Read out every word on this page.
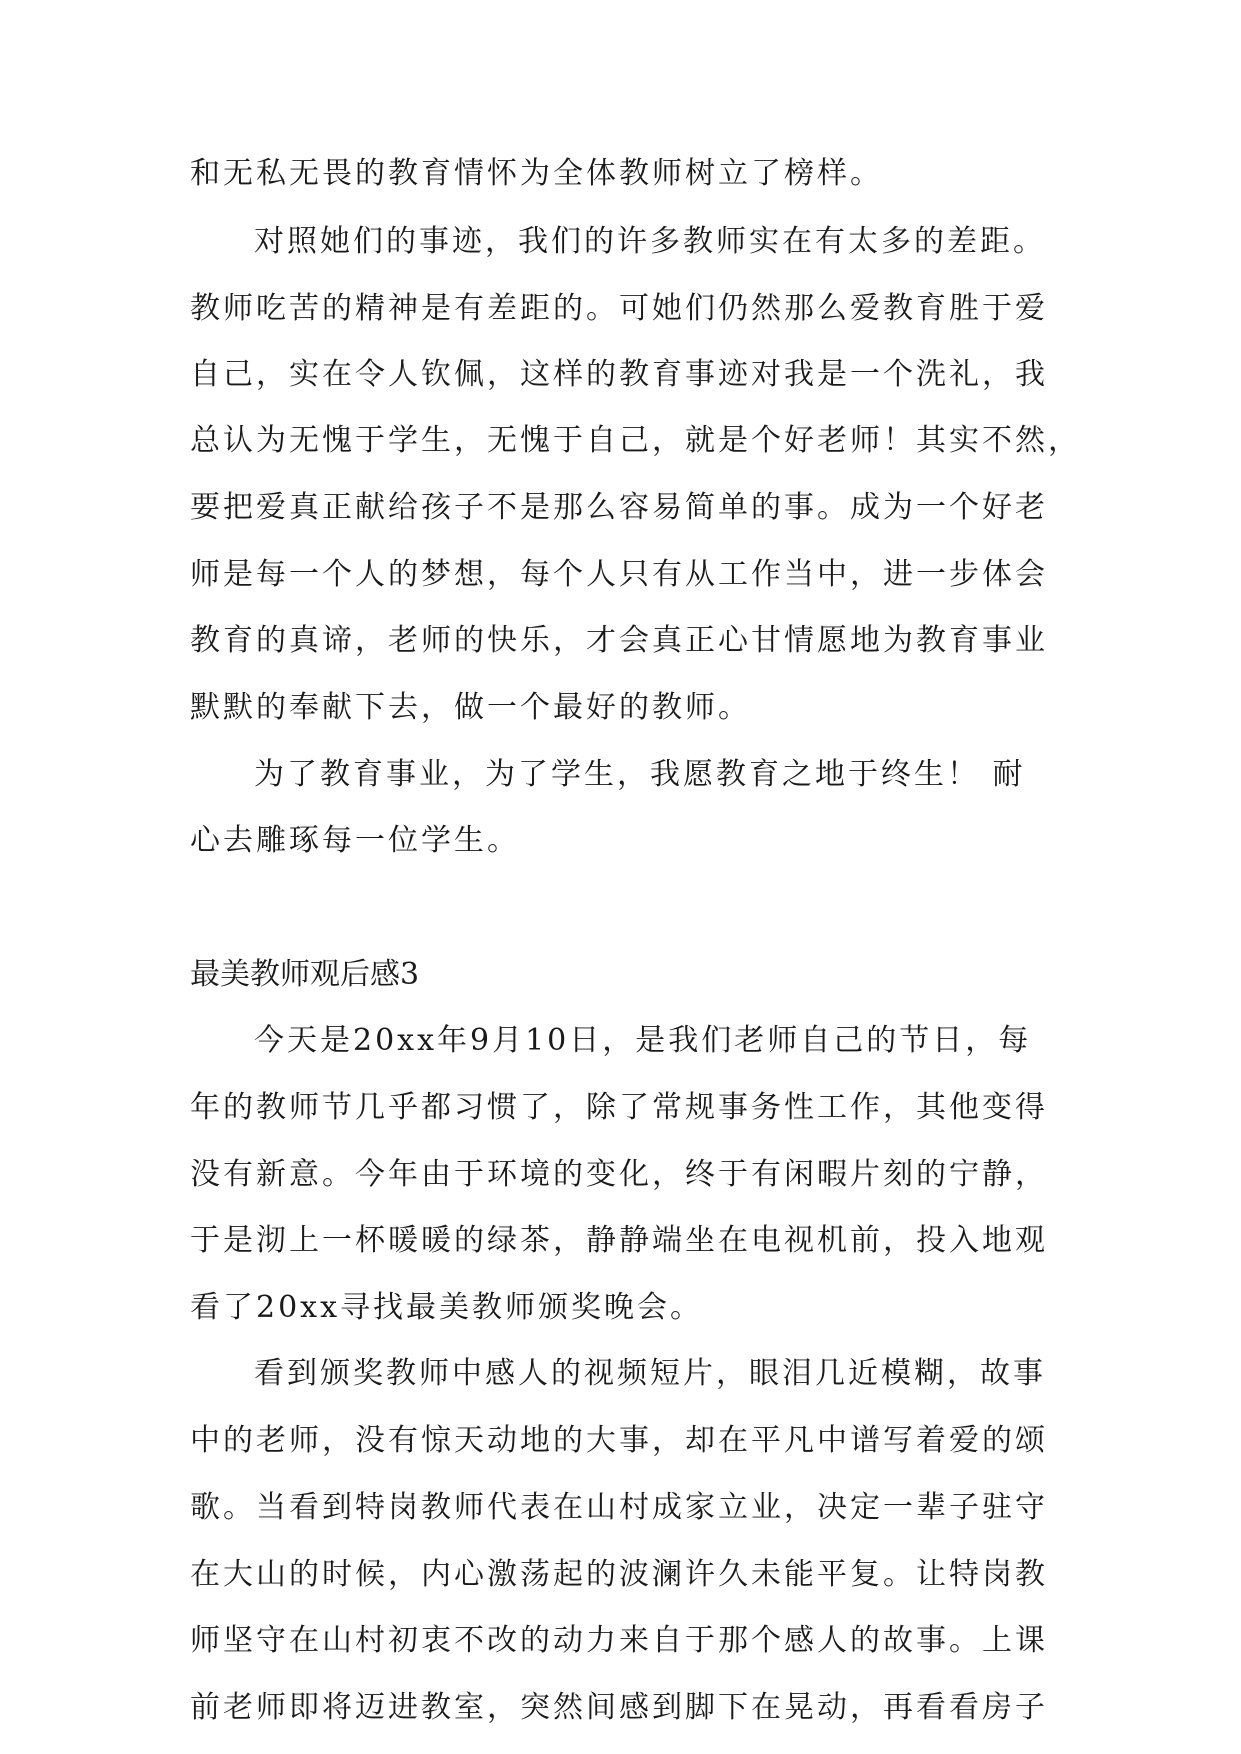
和无私无畏的教育情怀为全体教师树立了榜样。
对照她们的事迹，我们的许多教师实在有太多的差距。
教师吃苦的精神是有差距的。可她们仍然那么爱教育胜于爱
自己，实在令人钦佩，这样的教育事迹对我是一个洗礼，我
总认为无愧于学生，无愧于自己，就是个好老师！其实不然，
要把爱真正献给孩子不是那么容易简单的事。成为一个好老
师是每一个人的梦想，每个人只有从工作当中，进一步体会
教育的真谛，老师的快乐，才会真正心甘情愿地为教育事业
默默的奉献下去，做一个最好的教师。
为了教育事业，为了学生，我愿教育之地于终生！ 耐
心去雕琢每一位学生。
最美教师观后感3
今天是20xx年9月10日，是我们老师自己的节日，每
年的教师节几乎都习惯了，除了常规事务性工作，其他变得
没有新意。今年由于环境的变化，终于有闲暇片刻的宁静，
于是沏上一杯暖暖的绿茶，静静端坐在电视机前，投入地观
看了20xx寻找最美教师颁奖晚会。
看到颁奖教师中感人的视频短片，眼泪几近模糊，故事
中的老师，没有惊天动地的大事，却在平凡中谱写着爱的颂
歌。当看到特岗教师代表在山村成家立业，决定一辈子驻守
在大山的时候，内心激荡起的波澜许久未能平复。让特岗教
师坚守在山村初衷不改的动力来自于那个感人的故事。上课
前老师即将迈进教室，突然间感到脚下在晃动，再看看房子
